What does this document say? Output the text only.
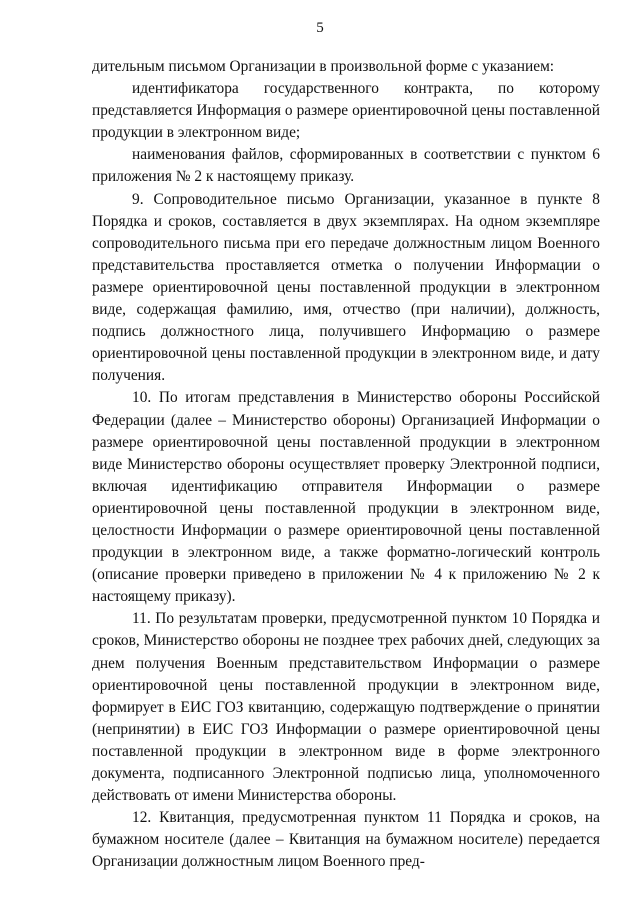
5

дительным письмом Организации в произвольной форме с указанием:

идентификатора государственного контракта, по которому представляется Информация о размере ориентировочной цены поставленной продукции в электронном виде;

наименования файлов, сформированных в соответствии с пунктом 6 приложения № 2 к настоящему приказу.

9. Сопроводительное письмо Организации, указанное в пункте 8 Порядка и сроков, составляется в двух экземплярах. На одном экземпляре сопроводительного письма при его передаче должностным лицом Военного представительства проставляется отметка о получении Информации о размере ориентировочной цены поставленной продукции в электронном виде, содержащая фамилию, имя, отчество (при наличии), должность, подпись должностного лица, получившего Информацию о размере ориентировочной цены поставленной продукции в электронном виде, и дату получения.

10. По итогам представления в Министерство обороны Российской Федерации (далее – Министерство обороны) Организацией Информации о размере ориентировочной цены поставленной продукции в электронном виде Министерство обороны осуществляет проверку Электронной подписи, включая идентификацию отправителя Информации о размере ориентировочной цены поставленной продукции в электронном виде, целостности Информации о размере ориентировочной цены поставленной продукции в электронном виде, а также форматно-логический контроль (описание проверки приведено в приложении № 4 к приложению № 2 к настоящему приказу).

11. По результатам проверки, предусмотренной пунктом 10 Порядка и сроков, Министерство обороны не позднее трех рабочих дней, следующих за днем получения Военным представительством Информации о размере ориентировочной цены поставленной продукции в электронном виде, формирует в ЕИС ГОЗ квитанцию, содержащую подтверждение о принятии (непринятии) в ЕИС ГОЗ Информации о размере ориентировочной цены поставленной продукции в электронном виде в форме электронного документа, подписанного Электронной подписью лица, уполномоченного действовать от имени Министерства обороны.

12. Квитанция, предусмотренная пунктом 11 Порядка и сроков, на бумажном носителе (далее – Квитанция на бумажном носителе) передается Организации должностным лицом Военного пред-
